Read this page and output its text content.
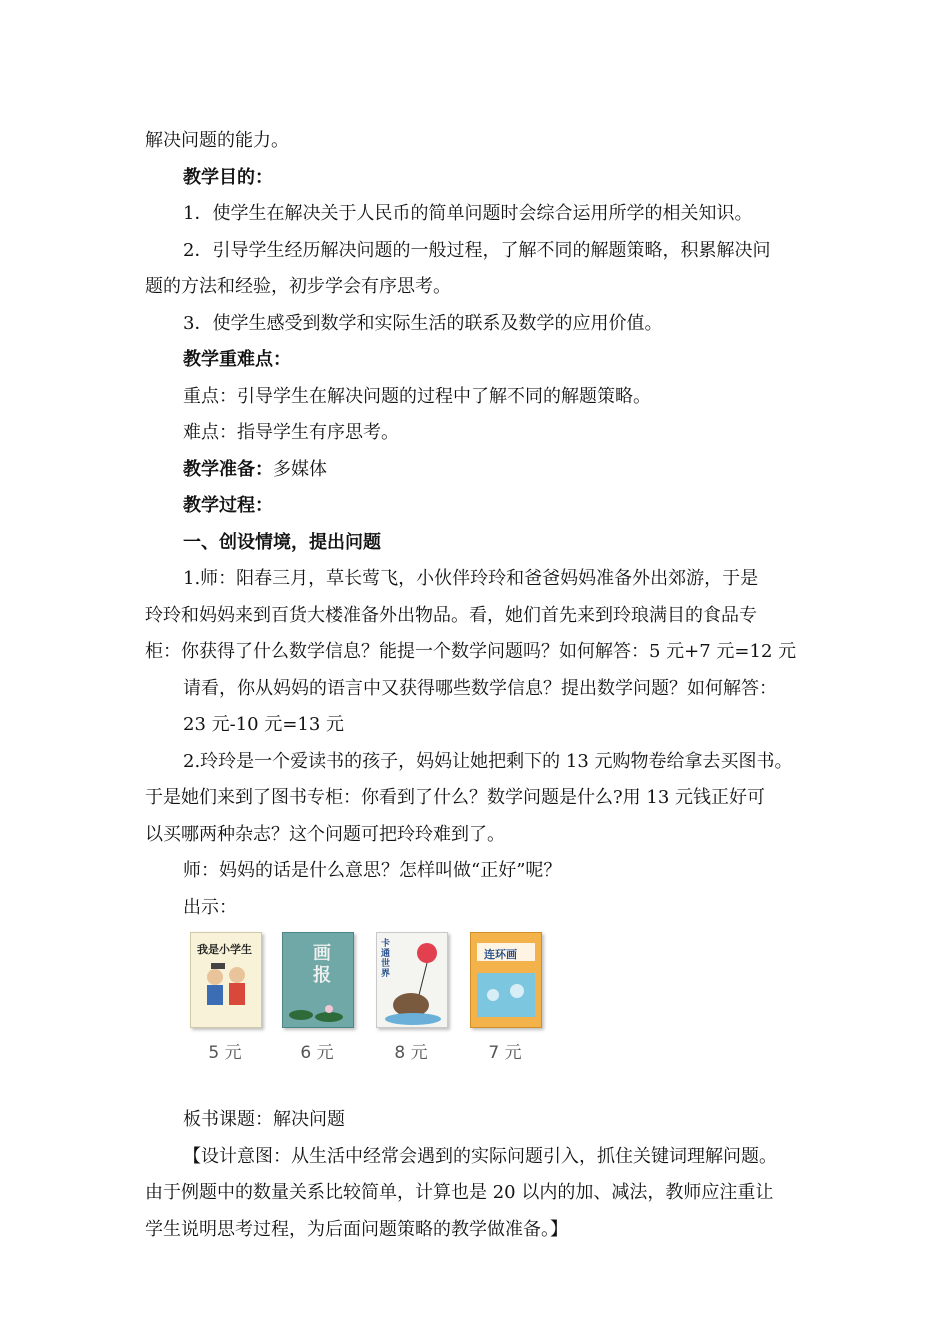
解决问题的能力。

教学目的：

1．使学生在解决关于人民币的简单问题时会综合运用所学的相关知识。

2．引导学生经历解决问题的一般过程，了解不同的解题策略，积累解决问

题的方法和经验，初步学会有序思考。

3．使学生感受到数学和实际生活的联系及数学的应用价值。

教学重难点：

重点：引导学生在解决问题的过程中了解不同的解题策略。

难点：指导学生有序思考。

教学准备：多媒体

教学过程：

一、创设情境，提出问题

1.师：阳春三月，草长莺飞，小伙伴玲玲和爸爸妈妈准备外出郊游，于是

玲玲和妈妈来到百货大楼准备外出物品。看，她们首先来到玲琅满目的食品专

柜：你获得了什么数学信息？能提一个数学问题吗？如何解答：5 元+7 元=12 元

请看，你从妈妈的语言中又获得哪些数学信息？提出数学问题？如何解答：

23 元-10 元=13 元

2.玲玲是一个爱读书的孩子，妈妈让她把剩下的 13 元购物卷给拿去买图书。

于是她们来到了图书专柜：你看到了什么？数学问题是什么?用 13 元钱正好可

以买哪两种杂志？这个问题可把玲玲难到了。

师：妈妈的话是什么意思？怎样叫做“正好”呢？

出示：

我是小学生
5 元
画报
6 元
卡通世界
8 元
连环画
7 元

板书课题：解决问题

【设计意图：从生活中经常会遇到的实际问题引入，抓住关键词理解问题。

由于例题中的数量关系比较简单，计算也是 20 以内的加、减法，教师应注重让

学生说明思考过程，为后面问题策略的教学做准备。】
